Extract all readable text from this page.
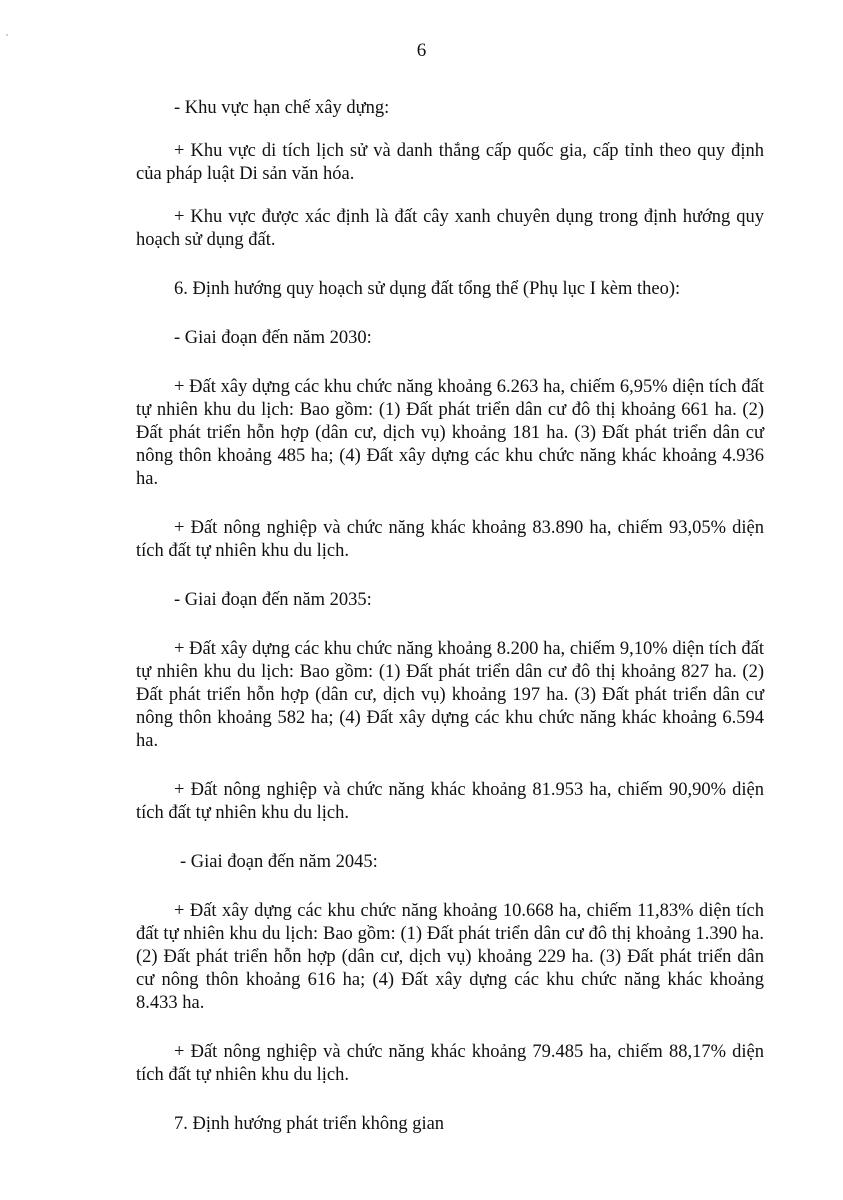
6

- Khu vực hạn chế xây dựng:

+ Khu vực di tích lịch sử và danh thắng cấp quốc gia, cấp tỉnh theo quy định của pháp luật Di sản văn hóa.

+ Khu vực được xác định là đất cây xanh chuyên dụng trong định hướng quy hoạch sử dụng đất.

6. Định hướng quy hoạch sử dụng đất tổng thể (Phụ lục I kèm theo):

- Giai đoạn đến năm 2030:

+ Đất xây dựng các khu chức năng khoảng 6.263 ha, chiếm 6,95% diện tích đất tự nhiên khu du lịch: Bao gồm: (1) Đất phát triển dân cư đô thị khoảng 661 ha. (2) Đất phát triển hỗn hợp (dân cư, dịch vụ) khoảng 181 ha. (3) Đất phát triển dân cư nông thôn khoảng 485 ha; (4) Đất xây dựng các khu chức năng khác khoảng 4.936 ha.

+ Đất nông nghiệp và chức năng khác khoảng 83.890 ha, chiếm 93,05% diện tích đất tự nhiên khu du lịch.

- Giai đoạn đến năm 2035:

+ Đất xây dựng các khu chức năng khoảng 8.200 ha, chiếm 9,10% diện tích đất tự nhiên khu du lịch: Bao gồm: (1) Đất phát triển dân cư đô thị khoảng 827 ha. (2) Đất phát triển hỗn hợp (dân cư, dịch vụ) khoảng 197 ha. (3) Đất phát triển dân cư nông thôn khoảng 582 ha; (4) Đất xây dựng các khu chức năng khác khoảng 6.594 ha.

+ Đất nông nghiệp và chức năng khác khoảng 81.953 ha, chiếm 90,90% diện tích đất tự nhiên khu du lịch.

- Giai đoạn đến năm 2045:

+ Đất xây dựng các khu chức năng khoảng 10.668 ha, chiếm 11,83% diện tích đất tự nhiên khu du lịch: Bao gồm: (1) Đất phát triển dân cư đô thị khoảng 1.390 ha. (2) Đất phát triển hỗn hợp (dân cư, dịch vụ) khoảng 229 ha. (3) Đất phát triển dân cư nông thôn khoảng 616 ha; (4) Đất xây dựng các khu chức năng khác khoảng 8.433 ha.

+ Đất nông nghiệp và chức năng khác khoảng 79.485 ha, chiếm 88,17% diện tích đất tự nhiên khu du lịch.

7. Định hướng phát triển không gian
